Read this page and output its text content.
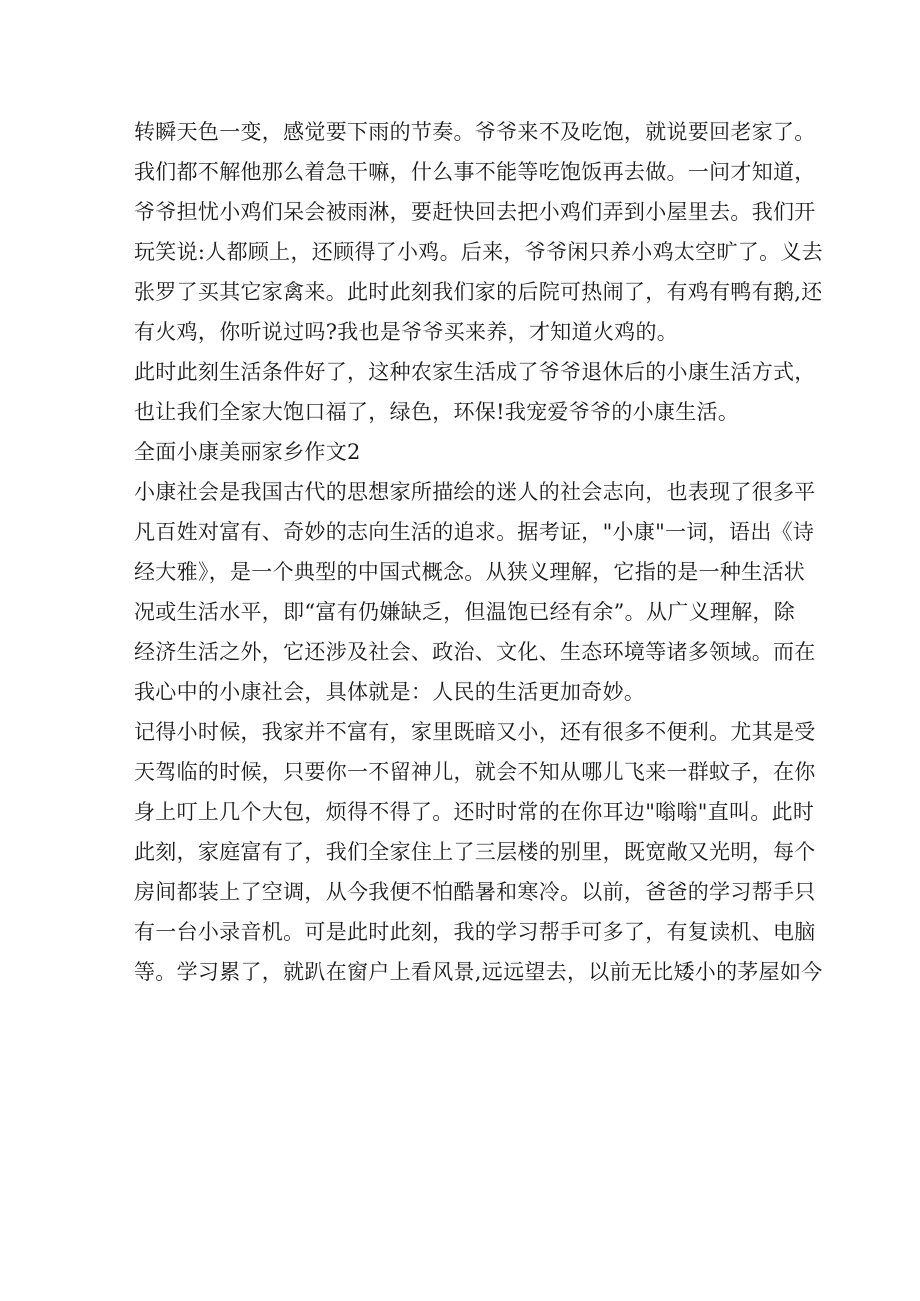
转瞬天色一变，感觉要下雨的节奏。爷爷来不及吃饱，就说要回老家了。
我们都不解他那么着急干嘛，什么事不能等吃饱饭再去做。一问才知道，
爷爷担忧小鸡们呆会被雨淋，要赶快回去把小鸡们弄到小屋里去。我们开
玩笑说:人都顾上，还顾得了小鸡。后来，爷爷闲只养小鸡太空旷了。义去
张罗了买其它家禽来。此时此刻我们家的后院可热闹了，有鸡有鸭有鹅,还
有火鸡，你听说过吗?我也是爷爷买来养，才知道火鸡的。
此时此刻生活条件好了，这种农家生活成了爷爷退休后的小康生活方式，
也让我们全家大饱口福了，绿色，环保!我宠爱爷爷的小康生活。
全面小康美丽家乡作文2
小康社会是我国古代的思想家所描绘的迷人的社会志向，也表现了很多平
凡百姓对富有、奇妙的志向生活的追求。据考证，"小康"一词，语出《诗
经大雅》，是一个典型的中国式概念。从狭义理解，它指的是一种生活状
况或生活水平，即“富有仍嫌缺乏，但温饱已经有余”。从广义理解，除
经济生活之外，它还涉及社会、政治、文化、生态环境等诸多领域。而在
我心中的小康社会，具体就是：人民的生活更加奇妙。
记得小时候，我家并不富有，家里既暗又小，还有很多不便利。尤其是受
天驾临的时候，只要你一不留神儿，就会不知从哪儿飞来一群蚊子，在你
身上叮上几个大包，烦得不得了。还时时常的在你耳边"嗡嗡"直叫。此时
此刻，家庭富有了，我们全家住上了三层楼的别里，既宽敞又光明，每个
房间都装上了空调，从今我便不怕酷暑和寒冷。以前，爸爸的学习帮手只
有一台小录音机。可是此时此刻，我的学习帮手可多了，有复读机、电脑
等。学习累了，就趴在窗户上看风景,远远望去，以前无比矮小的茅屋如今
